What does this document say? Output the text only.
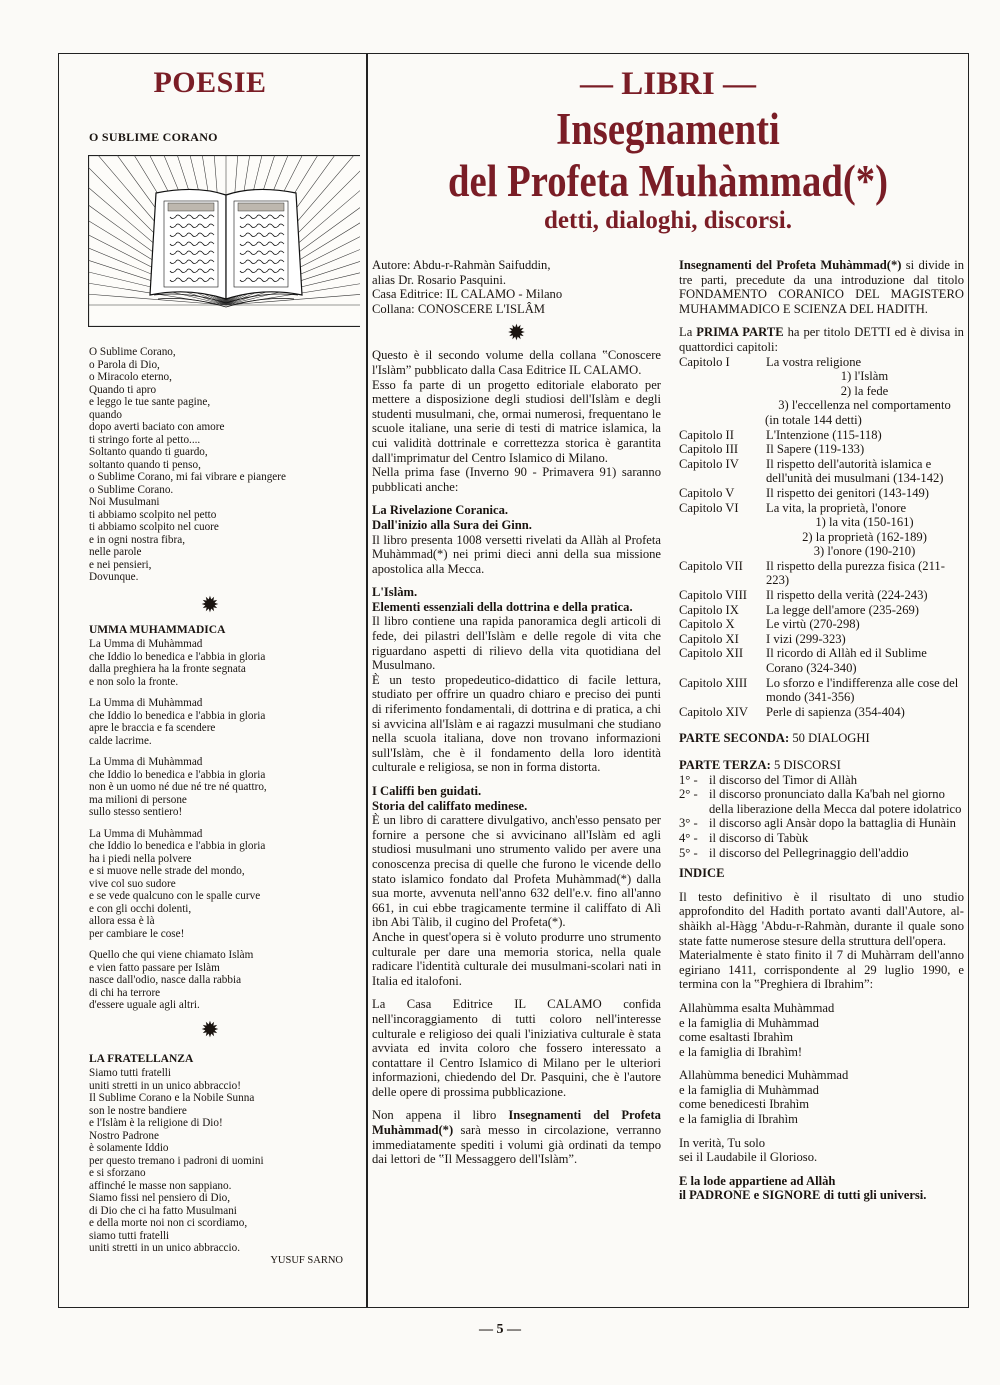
POESIE
O SUBLIME CORANO
O Sublime Corano,
o Parola di Dio,
o Miracolo eterno,
Quando ti apro
e leggo le tue sante pagine,
quando
dopo averti baciato con amore
ti stringo forte al petto....
Soltanto quando ti guardo,
soltanto quando ti penso,
o Sublime Corano, mi fai vibrare e piangere
o Sublime Corano.
Noi Musulmani
ti abbiamo scolpito nel petto
ti abbiamo scolpito nel cuore
e in ogni nostra fibra,
nelle parole
e nei pensieri,
Dovunque.
✹
UMMA MUHAMMADICA
La Umma di Muhàmmad
che Iddio lo benedica e l'abbia in gloria
dalla preghiera ha la fronte segnata
e non solo la fronte.
La Umma di Muhàmmad
che Iddio lo benedica e l'abbia in gloria
apre le braccia e fa scendere
calde lacrime.
La Umma di Muhàmmad
che Iddio lo benedica e l'abbia in gloria
non è un uomo né due né tre né quattro,
ma milioni di persone
sullo stesso sentiero!
La Umma di Muhàmmad
che Iddio lo benedica e l'abbia in gloria
ha i piedi nella polvere
e si muove nelle strade del mondo,
vive col suo sudore
e se vede qualcuno con le spalle curve
e con gli occhi dolenti,
allora essa è là
per cambiare le cose!
Quello che qui viene chiamato Islàm
e vien fatto passare per Islàm
nasce dall'odio, nasce dalla rabbia
di chi ha terrore
d'essere uguale agli altri.
✹
LA FRATELLANZA
Siamo tutti fratelli
uniti stretti in un unico abbraccio!
Il Sublime Corano e la Nobile Sunna
son le nostre bandiere
e l'Islàm è la religione di Dio!
Nostro Padrone
è solamente Iddio
per questo tremano i padroni di uomini
e si sforzano
affinché le masse non sappiano.
Siamo fissi nel pensiero di Dio,
di Dio che ci ha fatto Musulmani
e della morte noi non ci scordiamo,
siamo tutti fratelli
uniti stretti in un unico abbraccio.
YUSUF SARNO
— LIBRI —
Insegnamenti
del Profeta Muhàmmad(*)
detti, dialoghi, discorsi.
Autore: Abdu-r-Rahmàn Saifuddin,
alias Dr. Rosario Pasquini.
Casa Editrice: IL CALAMO - Milano
Collana: CONOSCERE L'ISLÂM
✹

Questo è il secondo volume della collana ‟Conoscere l'Islàm” pubblicato dalla Casa Editrice IL CALAMO.

Esso fa parte di un progetto editoriale elaborato per mettere a disposizione degli studiosi dell'Islàm e degli studenti musulmani, che, ormai numerosi, frequentano le scuole italiane, una serie di testi di matrice islamica, la cui validità dottrinale e correttezza storica è garantita dall'imprimatur del Centro Islamico di Milano.

Nella prima fase (Inverno 90 - Primavera 91) saranno pubblicati anche:

La Rivelazione Coranica.

Dall'inizio alla Sura dei Ginn.

Il libro presenta 1008 versetti rivelati da Allàh al Profeta Muhàmmad(*) nei primi dieci anni della sua missione apostolica alla Mecca.

L'Islàm.

Elementi essenziali della dottrina e della pratica.

Il libro contiene una rapida panoramica degli articoli di fede, dei pilastri dell'Islàm e delle regole di vita che riguardano aspetti di rilievo della vita quotidiana del Musulmano.

È un testo propedeutico-didattico di facile lettura, studiato per offrire un quadro chiaro e preciso dei punti di riferimento fondamentali, di dottrina e di pratica, a chi si avvicina all'Islàm e ai ragazzi musulmani che studiano nella scuola italiana, dove non trovano informazioni sull'Islàm, che è il fondamento della loro identità culturale e religiosa, se non in forma distorta.

I Califfi ben guidati.

Storia del califfato medinese.

È un libro di carattere divulgativo, anch'esso pensato per fornire a persone che si avvicinano all'Islàm ed agli studiosi musulmani uno strumento valido per avere una conoscenza precisa di quelle che furono le vicende dello stato islamico fondato dal Profeta Muhàmmad(*) dalla sua morte, avvenuta nell'anno 632 dell'e.v. fino all'anno 661, in cui ebbe tragicamente termine il califfato di Alì ibn Abi Tàlib, il cugino del Profeta(*).

Anche in quest'opera si è voluto produrre uno strumento culturale per dare una memoria storica, nella quale radicare l'identità culturale dei musulmani-scolari nati in Italia ed italofoni.

La Casa Editrice IL CALAMO confida nell'incoraggiamento di tutti coloro nell'interesse culturale e religioso dei quali l'iniziativa culturale è stata avviata ed invita coloro che fossero interessato a contattare il Centro Islamico di Milano per le ulteriori informazioni, chiedendo del Dr. Pasquini, che è l'autore delle opere di prossima pubblicazione.

Non appena il libro Insegnamenti del Profeta Muhàmmad(*) sarà messo in circolazione, verranno immediatamente spediti i volumi già ordinati da tempo dai lettori de ‟Il Messaggero dell'Islàm”.

Insegnamenti del Profeta Muhàmmad(*) si divide in tre parti, precedute da una introduzione dal titolo FONDAMENTO CORANICO DEL MAGISTERO MUHAMMADICO E SCIENZA DEL HADITH.

La PRIMA PARTE ha per titolo DETTI ed è divisa in quattordici capitoli:

Capitolo I	La vostra religione
1) l'Islàm
2) la fede
3) l'eccellenza nel comportamento
(in totale 144 detti)
Capitolo II	L'Intenzione (115-118)
Capitolo III	Il Sapere (119-133)
Capitolo IV	Il rispetto dell'autorità islamica e dell'unità dei musulmani (134-142)
Capitolo V	Il rispetto dei genitori (143-149)
Capitolo VI	La vita, la proprietà, l'onore
1) la vita (150-161)
2) la proprietà (162-189)
3) l'onore (190-210)
Capitolo VII	Il rispetto della purezza fisica (211-223)
Capitolo VIII	Il rispetto della verità (224-243)
Capitolo IX	La legge dell'amore (235-269)
Capitolo X	Le virtù (270-298)
Capitolo XI	I vizi (299-323)
Capitolo XII	Il ricordo di Allàh ed il Sublime Corano (324-340)
Capitolo XIII	Lo sforzo e l'indifferenza alle cose del mondo (341-356)
Capitolo XIV	Perle di sapienza (354-404)

PARTE SECONDA: 50 DIALOGHI

PARTE TERZA: 5 DISCORSI

1° - il discorso del Timor di Allàh
2° - il discorso pronunciato dalla Ka'bah nel giorno della liberazione della Mecca dal potere idolatrico
3° - il discorso agli Ansàr dopo la battaglia di Hunàin
4° - il discorso di Tabùk
5° - il discorso del Pellegrinaggio dell'addio

INDICE

Il testo definitivo è il risultato di uno studio approfondito del Hadith portato avanti dall'Autore, al-shàikh al-Hàgg 'Abdu-r-Rahmàn, durante il quale sono state fatte numerose stesure della struttura dell'opera.

Materialmente è stato finito il 7 di Muhàrram dell'anno egiriano 1411, corrispondente al 29 luglio 1990, e termina con la ‟Preghiera di Ibrahim”:

Allahùmma esalta Muhàmmad
e la famiglia di Muhàmmad
come esaltasti Ibrahìm
e la famiglia di Ibrahìm!
Allahùmma benedici Muhàmmad
e la famiglia di Muhàmmad
come benedicesti Ibrahìm
e la famiglia di Ibrahìm
In verità, Tu solo
sei il Laudabile il Glorioso.

E la lode appartiene ad Allàh

il PADRONE e SIGNORE di tutti gli universi.

— 5 —
